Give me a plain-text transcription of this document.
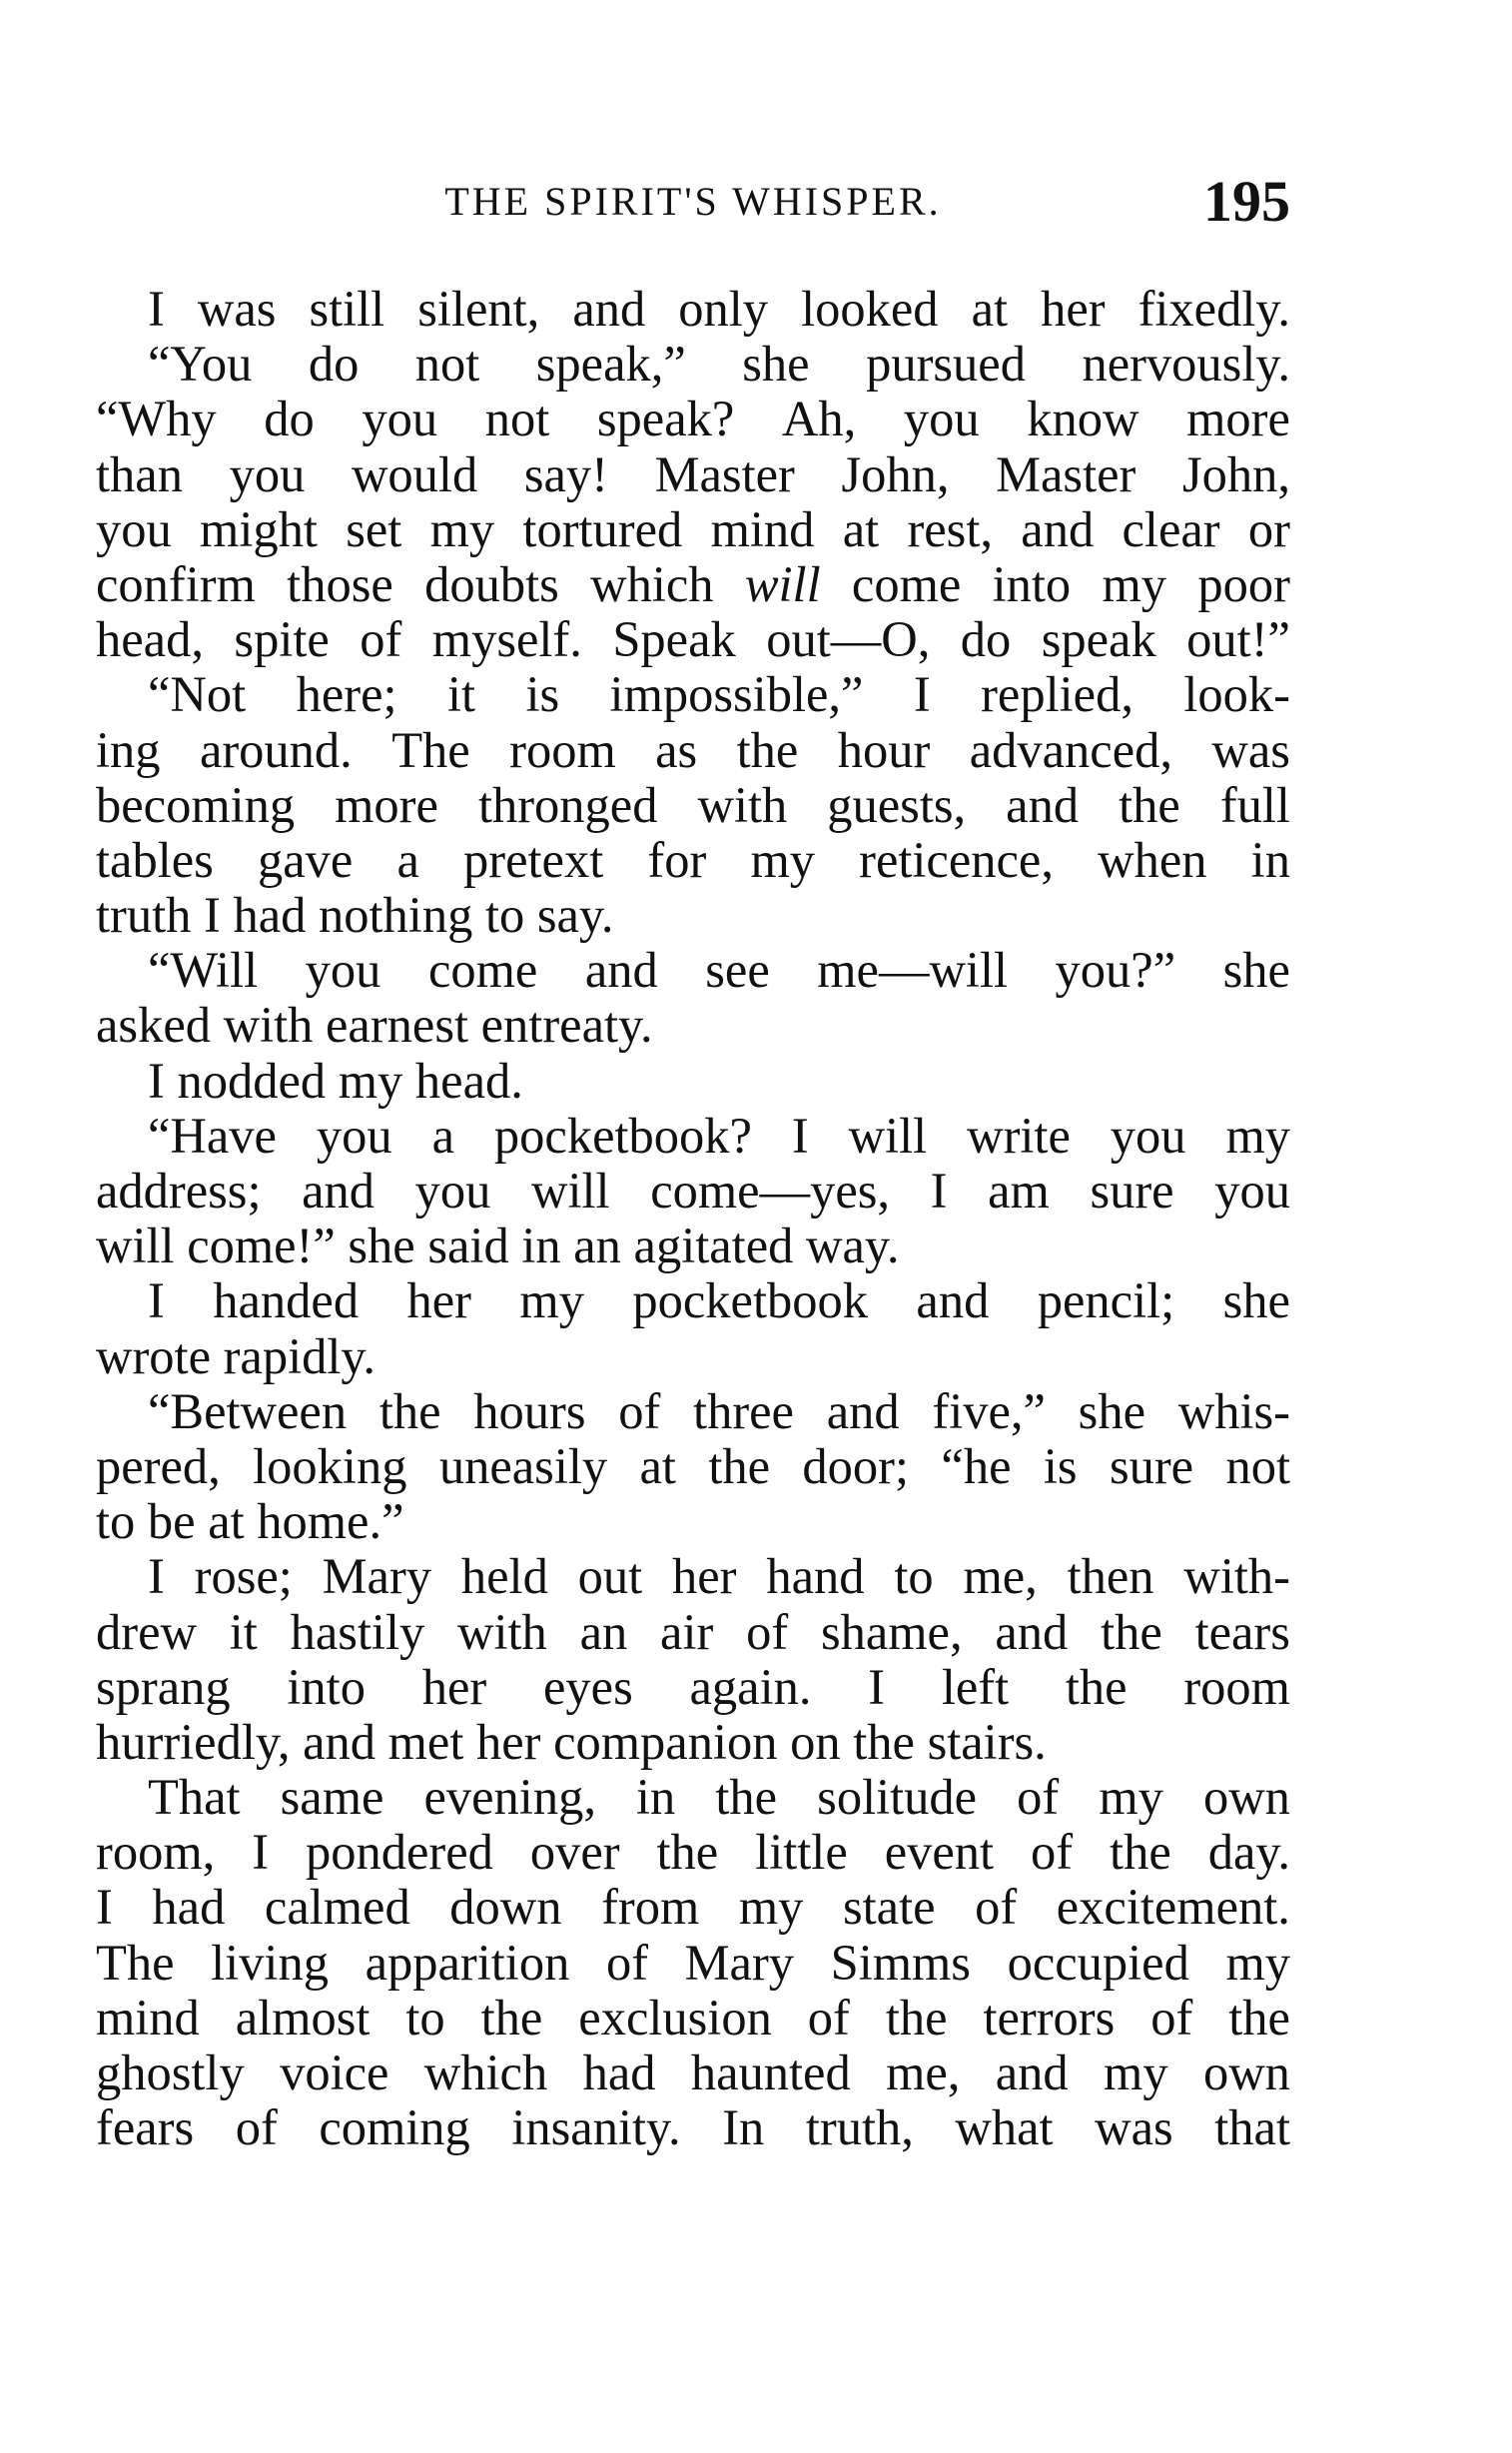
THE SPIRIT'S WHISPER.	195
I was still silent, and only looked at her fixedly.
“You do not speak,” she pursued nervously.
“Why do you not speak? Ah, you know more
than you would say! Master John, Master John,
you might set my tortured mind at rest, and clear or
confirm those doubts which will come into my poor
head, spite of myself. Speak out—O, do speak out!”
“Not here; it is impossible,” I replied, look-
ing around. The room as the hour advanced, was
becoming more thronged with guests, and the full
tables gave a pretext for my reticence, when in
truth I had nothing to say.
“Will you come and see me—will you?” she
asked with earnest entreaty.
I nodded my head.
“Have you a pocketbook? I will write you my
address; and you will come—yes, I am sure you
will come!” she said in an agitated way.
I handed her my pocketbook and pencil; she
wrote rapidly.
“Between the hours of three and five,” she whis-
pered, looking uneasily at the door; “he is sure not
to be at home.”
I rose; Mary held out her hand to me, then with-
drew it hastily with an air of shame, and the tears
sprang into her eyes again. I left the room
hurriedly, and met her companion on the stairs.
That same evening, in the solitude of my own
room, I pondered over the little event of the day.
I had calmed down from my state of excitement.
The living apparition of Mary Simms occupied my
mind almost to the exclusion of the terrors of the
ghostly voice which had haunted me, and my own
fears of coming insanity. In truth, what was that
